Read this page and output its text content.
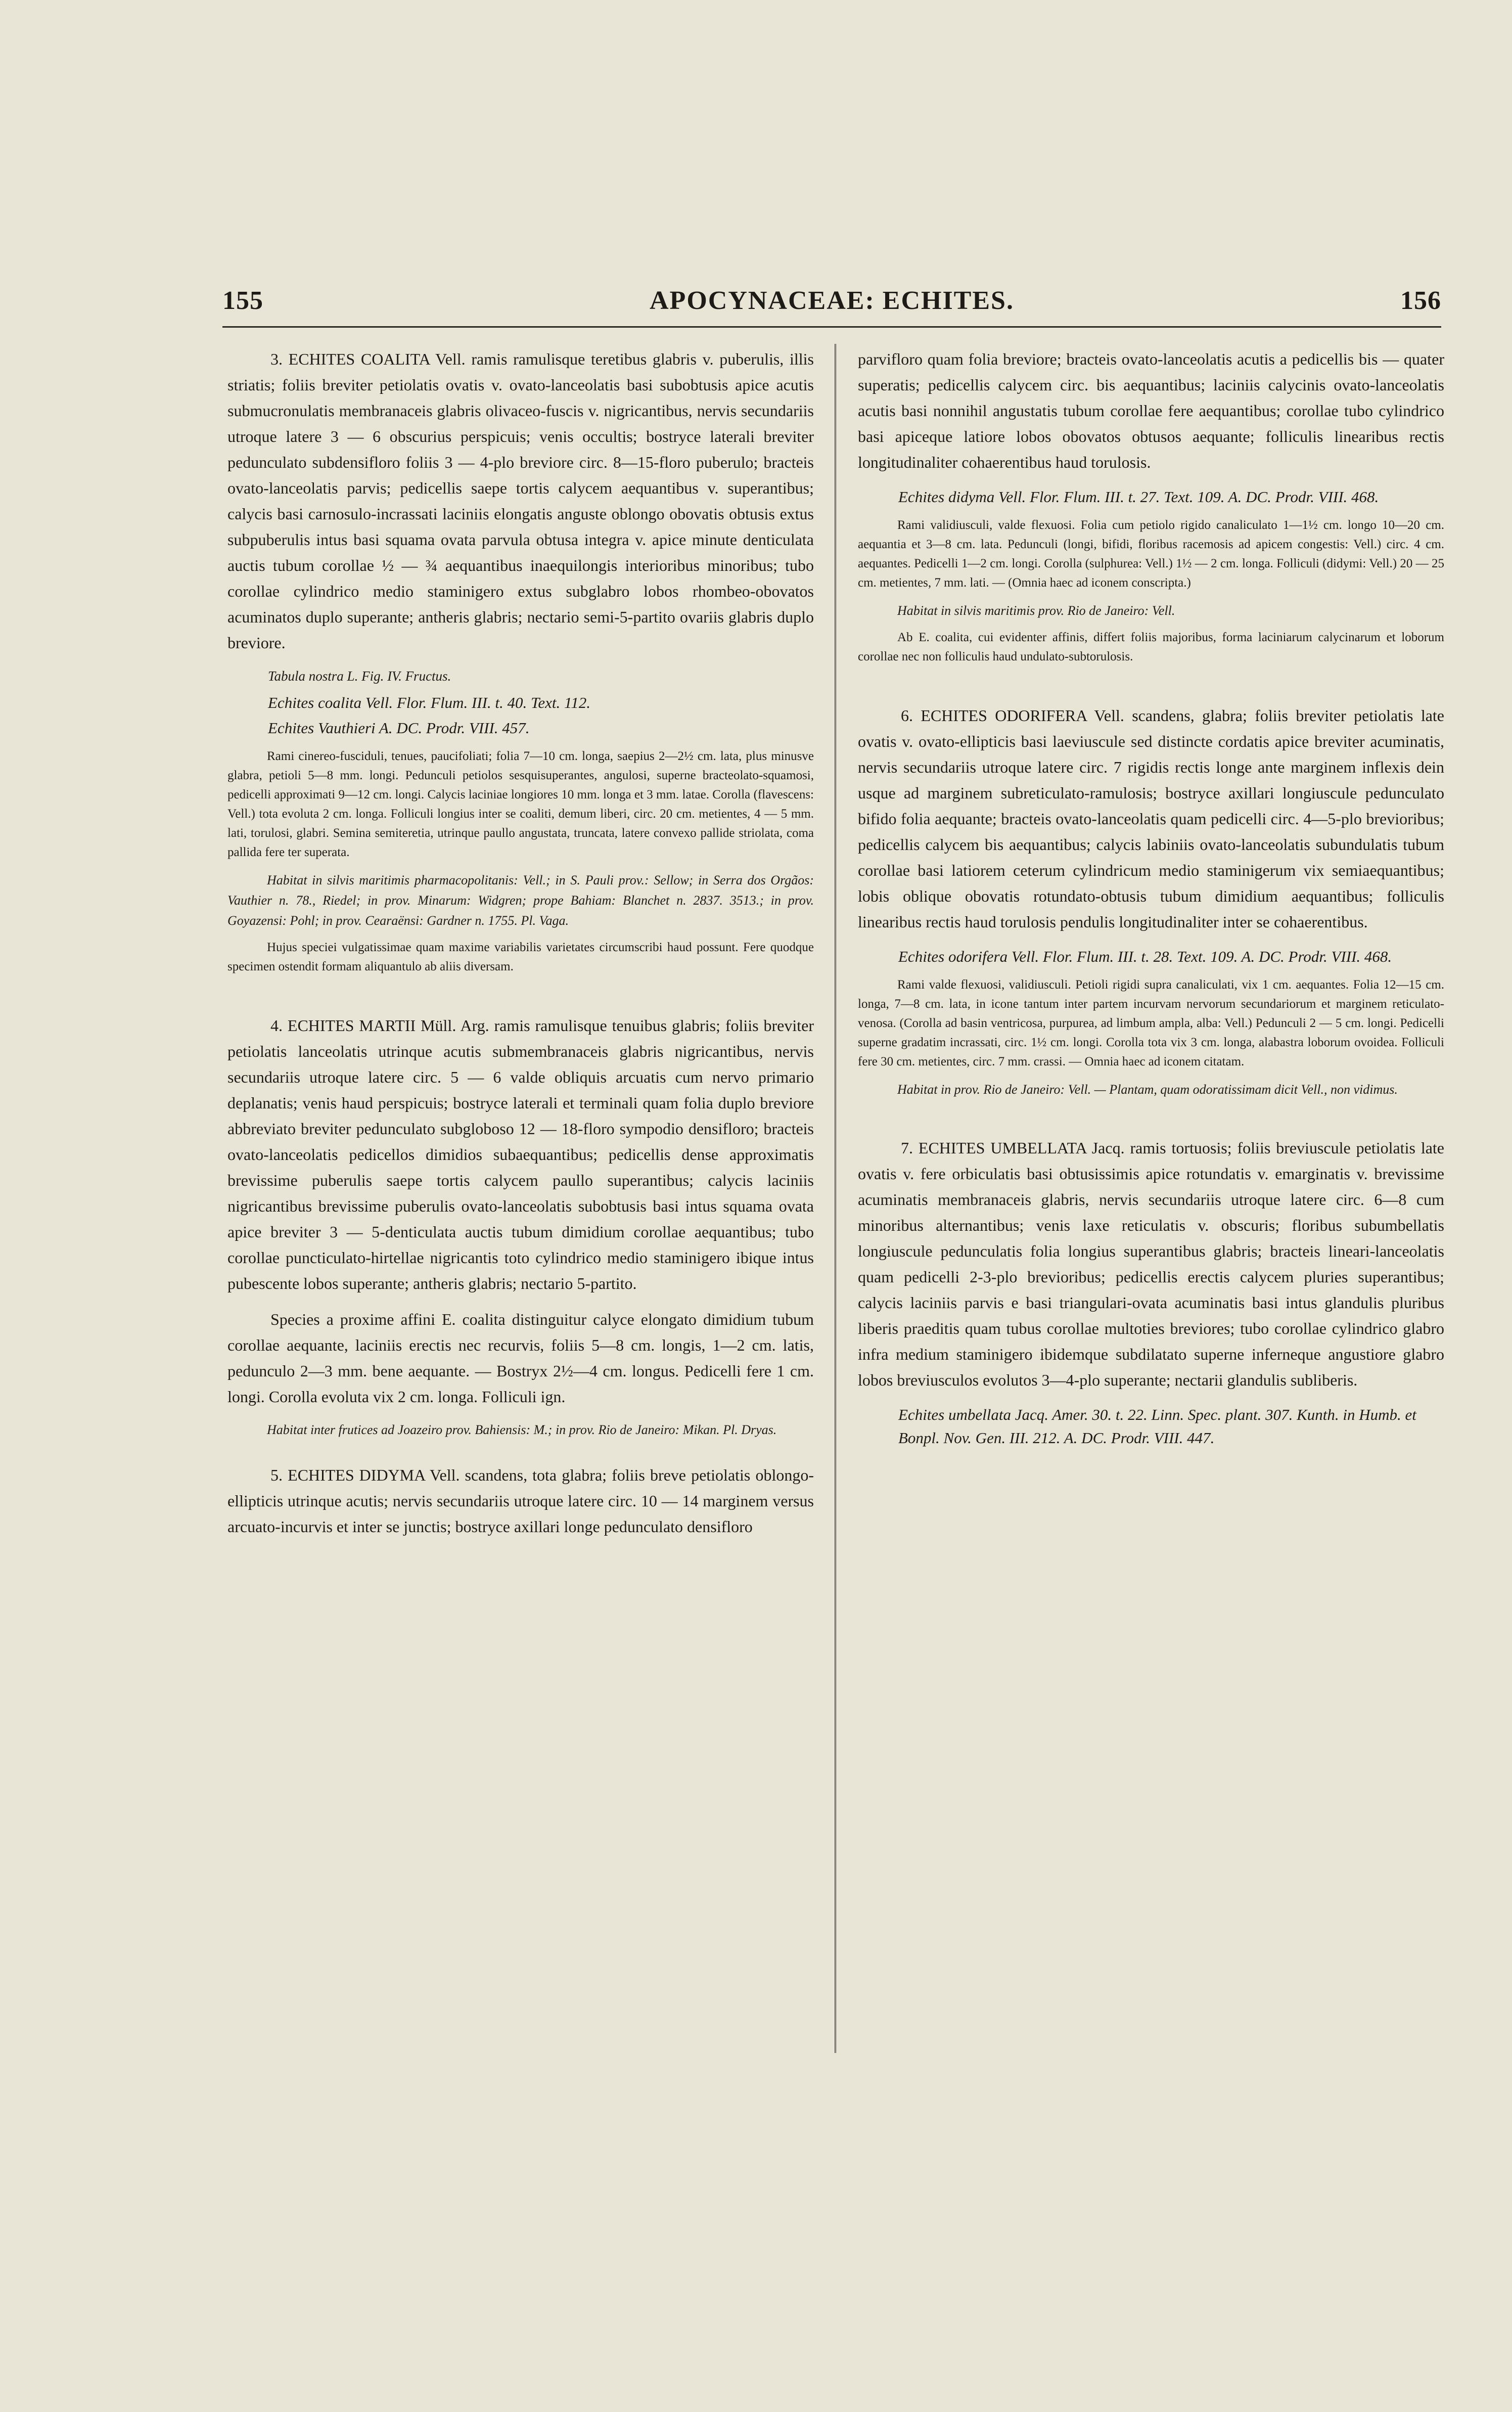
155	APOCYNACEAE: ECHITES.	156

3. ECHITES COALITA Vell. ramis ramulisque teretibus glabris v. puberulis, illis striatis; foliis breviter petiolatis ovatis v. ovato-lanceolatis basi subobtusis apice acutis submucronulatis membranaceis glabris olivaceo-fuscis v. nigricantibus, nervis secundariis utroque latere 3 — 6 obscurius perspicuis; venis occultis; bostryce laterali breviter pedunculato subdensifloro foliis 3 — 4-plo breviore circ. 8—15-floro puberulo; bracteis ovato-lanceolatis parvis; pedicellis saepe tortis calycem aequantibus v. superantibus; calycis basi carnosulo-incrassati laciniis elongatis anguste oblongo obovatis obtusis extus subpuberulis intus basi squama ovata parvula obtusa integra v. apice minute denticulata auctis tubum corollae ½ — ¾ aequantibus inaequilongis interioribus minoribus; tubo corollae cylindrico medio staminigero extus subglabro lobos rhombeo-obovatos acuminatos duplo superante; antheris glabris; nectario semi-5-partito ovariis glabris duplo breviore.

Tabula nostra L. Fig. IV. Fructus.

Echites coalita Vell. Flor. Flum. III. t. 40. Text. 112.

Echites Vauthieri A. DC. Prodr. VIII. 457.

Rami cinereo-fusciduli, tenues, paucifoliati; folia 7—10 cm. longa, saepius 2—2½ cm. lata, plus minusve glabra, petioli 5—8 mm. longi. Pedunculi petiolos sesquisuperantes, angulosi, superne bracteolato-squamosi, pedicelli approximati 9—12 cm. longi. Calycis laciniae longiores 10 mm. longa et 3 mm. latae. Corolla (flavescens: Vell.) tota evoluta 2 cm. longa. Folliculi longius inter se coaliti, demum liberi, circ. 20 cm. metientes, 4 — 5 mm. lati, torulosi, glabri. Semina semiteretia, utrinque paullo angustata, truncata, latere convexo pallide striolata, coma pallida fere ter superata.

Habitat in silvis maritimis pharmacopolitanis: Vell.; in S. Pauli prov.: Sellow; in Serra dos Orgãos: Vauthier n. 78., Riedel; in prov. Minarum: Widgren; prope Bahiam: Blanchet n. 2837. 3513.; in prov. Goyazensi: Pohl; in prov. Cearaënsi: Gardner n. 1755. Pl. Vaga.

Hujus speciei vulgatissimae quam maxime variabilis varietates circumscribi haud possunt. Fere quodque specimen ostendit formam aliquantulo ab aliis diversam.

4. ECHITES MARTII Müll. Arg. ramis ramulisque tenuibus glabris; foliis breviter petiolatis lanceolatis utrinque acutis submembranaceis glabris nigricantibus, nervis secundariis utroque latere circ. 5 — 6 valde obliquis arcuatis cum nervo primario deplanatis; venis haud perspicuis; bostryce laterali et terminali quam folia duplo breviore abbreviato breviter pedunculato subgloboso 12 — 18-floro sympodio densifloro; bracteis ovato-lanceolatis pedicellos dimidios subaequantibus; pedicellis dense approximatis brevissime puberulis saepe tortis calycem paullo superantibus; calycis laciniis nigricantibus brevissime puberulis ovato-lanceolatis subobtusis basi intus squama ovata apice breviter 3 — 5-denticulata auctis tubum dimidium corollae aequantibus; tubo corollae puncticulato-hirtellae nigricantis toto cylindrico medio staminigero ibique intus pubescente lobos superante; antheris glabris; nectario 5-partito.

Species a proxime affini E. coalita distinguitur calyce elongato dimidium tubum corollae aequante, laciniis erectis nec recurvis, foliis 5—8 cm. longis, 1—2 cm. latis, pedunculo 2—3 mm. bene aequante. — Bostryx 2½—4 cm. longus. Pedicelli fere 1 cm. longi. Corolla evoluta vix 2 cm. longa. Folliculi ign.

Habitat inter frutices ad Joazeiro prov. Bahiensis: M.; in prov. Rio de Janeiro: Mikan. Pl. Dryas.

5. ECHITES DIDYMA Vell. scandens, tota glabra; foliis breve petiolatis oblongo-ellipticis utrinque acutis; nervis secundariis utroque latere circ. 10 — 14 marginem versus arcuato-incurvis et inter se junctis; bostryce axillari longe pedunculato densifloro

parvifloro quam folia breviore; bracteis ovato-lanceolatis acutis a pedicellis bis — quater superatis; pedicellis calycem circ. bis aequantibus; laciniis calycinis ovato-lanceolatis acutis basi nonnihil angustatis tubum corollae fere aequantibus; corollae tubo cylindrico basi apiceque latiore lobos obovatos obtusos aequante; folliculis linearibus rectis longitudinaliter cohaerentibus haud torulosis.

Echites didyma Vell. Flor. Flum. III. t. 27. Text. 109. A. DC. Prodr. VIII. 468.

Rami validiusculi, valde flexuosi. Folia cum petiolo rigido canaliculato 1—1½ cm. longo 10—20 cm. aequantia et 3—8 cm. lata. Pedunculi (longi, bifidi, floribus racemosis ad apicem congestis: Vell.) circ. 4 cm. aequantes. Pedicelli 1—2 cm. longi. Corolla (sulphurea: Vell.) 1½ — 2 cm. longa. Folliculi (didymi: Vell.) 20 — 25 cm. metientes, 7 mm. lati. — (Omnia haec ad iconem conscripta.)

Habitat in silvis maritimis prov. Rio de Janeiro: Vell.

Ab E. coalita, cui evidenter affinis, differt foliis majoribus, forma laciniarum calycinarum et loborum corollae nec non folliculis haud undulato-subtorulosis.

6. ECHITES ODORIFERA Vell. scandens, glabra; foliis breviter petiolatis late ovatis v. ovato-ellipticis basi laeviuscule sed distincte cordatis apice breviter acuminatis, nervis secundariis utroque latere circ. 7 rigidis rectis longe ante marginem inflexis dein usque ad marginem subreticulato-ramulosis; bostryce axillari longiuscule pedunculato bifido folia aequante; bracteis ovato-lanceolatis quam pedicelli circ. 4—5-plo brevioribus; pedicellis calycem bis aequantibus; calycis labiniis ovato-lanceolatis subundulatis tubum corollae basi latiorem ceterum cylindricum medio staminigerum vix semiaequantibus; lobis oblique obovatis rotundato-obtusis tubum dimidium aequantibus; folliculis linearibus rectis haud torulosis pendulis longitudinaliter inter se cohaerentibus.

Echites odorifera Vell. Flor. Flum. III. t. 28. Text. 109. A. DC. Prodr. VIII. 468.

Rami valde flexuosi, validiusculi. Petioli rigidi supra canaliculati, vix 1 cm. aequantes. Folia 12—15 cm. longa, 7—8 cm. lata, in icone tantum inter partem incurvam nervorum secundariorum et marginem reticulato-venosa. (Corolla ad basin ventricosa, purpurea, ad limbum ampla, alba: Vell.) Pedunculi 2 — 5 cm. longi. Pedicelli superne gradatim incrassati, circ. 1½ cm. longi. Corolla tota vix 3 cm. longa, alabastra loborum ovoidea. Folliculi fere 30 cm. metientes, circ. 7 mm. crassi. — Omnia haec ad iconem citatam.

Habitat in prov. Rio de Janeiro: Vell. — Plantam, quam odoratissimam dicit Vell., non vidimus.

7. ECHITES UMBELLATA Jacq. ramis tortuosis; foliis breviuscule petiolatis late ovatis v. fere orbiculatis basi obtusissimis apice rotundatis v. emarginatis v. brevissime acuminatis membranaceis glabris, nervis secundariis utroque latere circ. 6—8 cum minoribus alternantibus; venis laxe reticulatis v. obscuris; floribus subumbellatis longiuscule pedunculatis folia longius superantibus glabris; bracteis lineari-lanceolatis quam pedicelli 2-3-plo brevioribus; pedicellis erectis calycem pluries superantibus; calycis laciniis parvis e basi triangulari-ovata acuminatis basi intus glandulis pluribus liberis praeditis quam tubus corollae multoties breviores; tubo corollae cylindrico glabro infra medium staminigero ibidemque subdilatato superne inferneque angustiore glabro lobos breviusculos evolutos 3—4-plo superante; nectarii glandulis subliberis.

Echites umbellata Jacq. Amer. 30. t. 22. Linn. Spec. plant. 307. Kunth. in Humb. et Bonpl. Nov. Gen. III. 212. A. DC. Prodr. VIII. 447.
